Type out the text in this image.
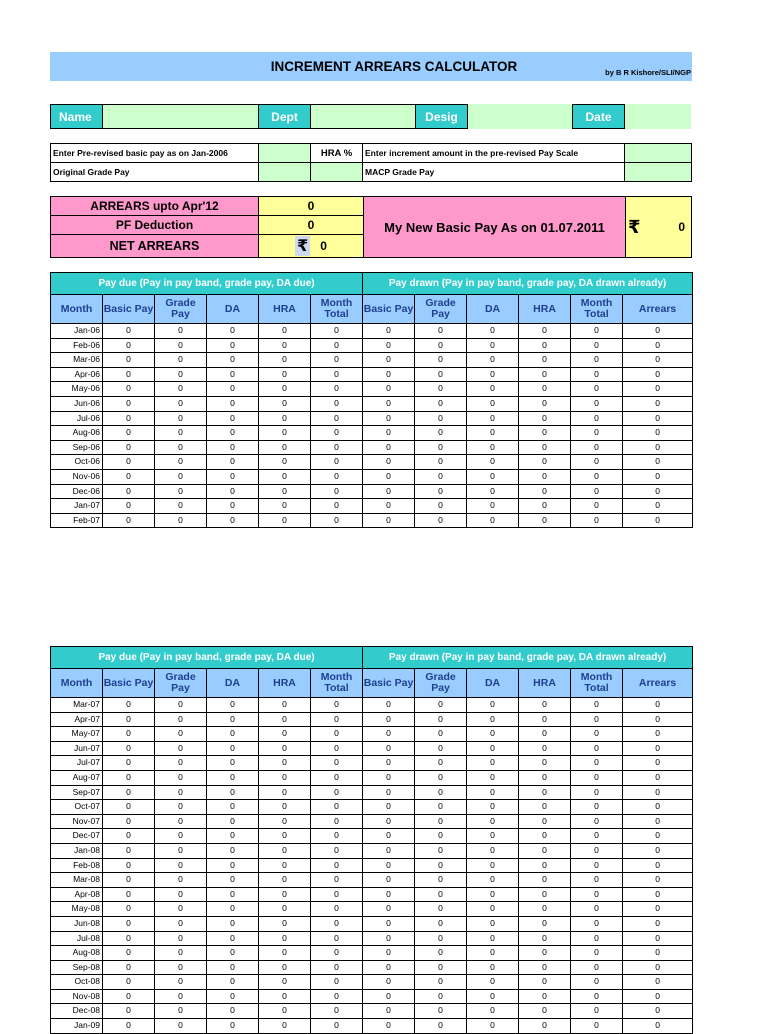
INCREMENT ARREARS CALCULATOR	by B R Kishore/SLI/NGP
Name	Dept	Desig	Date
Enter Pre-revised basic pay as on Jan-2006	HRA %	Enter increment amount in the pre-revised Pay Scale
Original Grade Pay	MACP Grade Pay
ARREARS upto Apr'12	0
PF Deduction	0
NET ARREARS	₹ 0
My New Basic Pay As on 01.07.2011	₹	0
Pay due (Pay in pay band, grade pay, DA due)						Pay drawn (Pay in pay band, grade pay, DA drawn already)					
Month	Basic Pay	Grade Pay	DA	HRA	Month Total	Basic Pay	Grade Pay	DA	HRA	Month Total	Arrears
Jan-06	0	0	0	0	0	0	0	0	0	0	0
Feb-06	0	0	0	0	0	0	0	0	0	0	0
Mar-06	0	0	0	0	0	0	0	0	0	0	0
Apr-06	0	0	0	0	0	0	0	0	0	0	0
May-06	0	0	0	0	0	0	0	0	0	0	0
Jun-06	0	0	0	0	0	0	0	0	0	0	0
Jul-06	0	0	0	0	0	0	0	0	0	0	0
Aug-06	0	0	0	0	0	0	0	0	0	0	0
Sep-06	0	0	0	0	0	0	0	0	0	0	0
Oct-06	0	0	0	0	0	0	0	0	0	0	0
Nov-06	0	0	0	0	0	0	0	0	0	0	0
Dec-06	0	0	0	0	0	0	0	0	0	0	0
Jan-07	0	0	0	0	0	0	0	0	0	0	0
Feb-07	0	0	0	0	0	0	0	0	0	0	0
Pay due (Pay in pay band, grade pay, DA due)						Pay drawn (Pay in pay band, grade pay, DA drawn already)					
Month	Basic Pay	Grade Pay	DA	HRA	Month Total	Basic Pay	Grade Pay	DA	HRA	Month Total	Arrears
Mar-07	0	0	0	0	0	0	0	0	0	0	0
Apr-07	0	0	0	0	0	0	0	0	0	0	0
May-07	0	0	0	0	0	0	0	0	0	0	0
Jun-07	0	0	0	0	0	0	0	0	0	0	0
Jul-07	0	0	0	0	0	0	0	0	0	0	0
Aug-07	0	0	0	0	0	0	0	0	0	0	0
Sep-07	0	0	0	0	0	0	0	0	0	0	0
Oct-07	0	0	0	0	0	0	0	0	0	0	0
Nov-07	0	0	0	0	0	0	0	0	0	0	0
Dec-07	0	0	0	0	0	0	0	0	0	0	0
Jan-08	0	0	0	0	0	0	0	0	0	0	0
Feb-08	0	0	0	0	0	0	0	0	0	0	0
Mar-08	0	0	0	0	0	0	0	0	0	0	0
Apr-08	0	0	0	0	0	0	0	0	0	0	0
May-08	0	0	0	0	0	0	0	0	0	0	0
Jun-08	0	0	0	0	0	0	0	0	0	0	0
Jul-08	0	0	0	0	0	0	0	0	0	0	0
Aug-08	0	0	0	0	0	0	0	0	0	0	0
Sep-08	0	0	0	0	0	0	0	0	0	0	0
Oct-08	0	0	0	0	0	0	0	0	0	0	0
Nov-08	0	0	0	0	0	0	0	0	0	0	0
Dec-08	0	0	0	0	0	0	0	0	0	0	0
Jan-09	0	0	0	0	0	0	0	0	0	0	0
